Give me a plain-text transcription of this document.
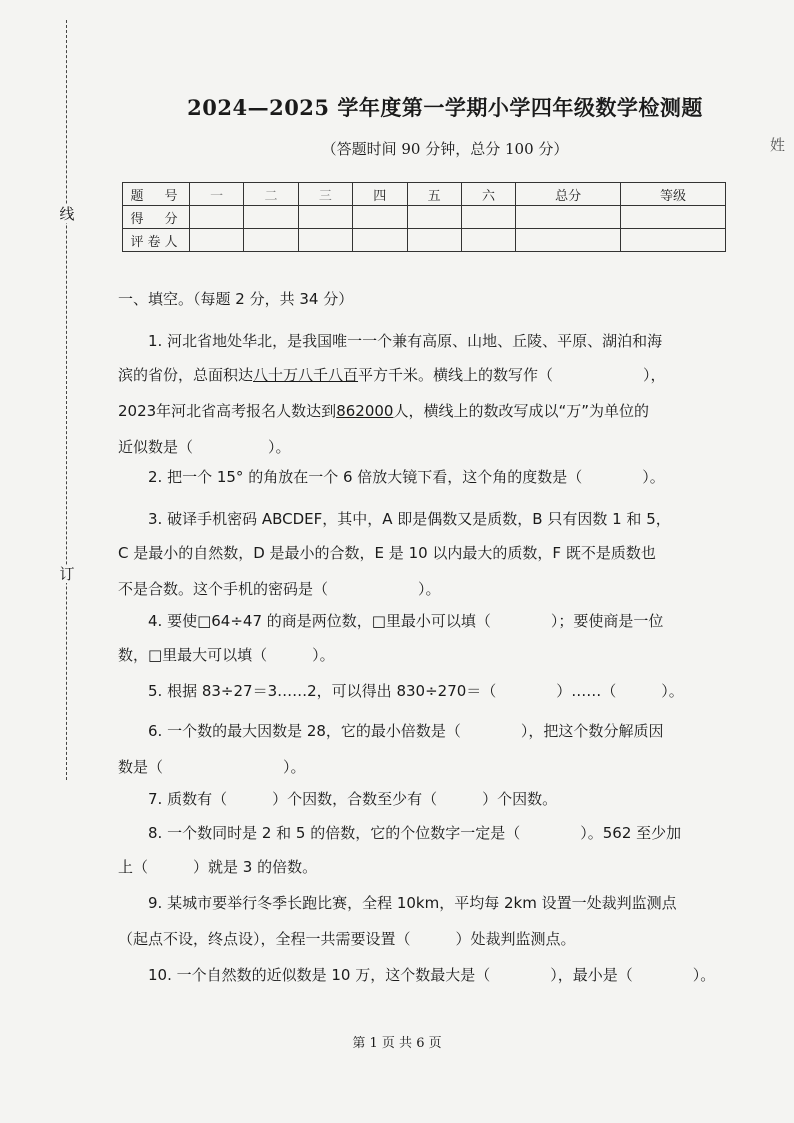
线
订
姓
2024—2025 学年度第一学期小学四年级数学检测题
（答题时间 90 分钟，总分 100 分）
题　号	一	二	三	四	五	六	总分	等级
得　分								
评卷人								
一、填空。（每题 2 分，共 34 分）
1. 河北省地处华北，是我国唯一一个兼有高原、山地、丘陵、平原、湖泊和海
滨的省份，总面积达八十万八千八百平方千米。横线上的数写作（　　　　　　），
2023年河北省高考报名人数达到862000人，横线上的数改写成以“万”为单位的
近似数是（　　　　　）。
2. 把一个 15° 的角放在一个 6 倍放大镜下看，这个角的度数是（　　　　）。
3. 破译手机密码 ABCDEF，其中，A 即是偶数又是质数，B 只有因数 1 和 5，
C 是最小的自然数，D 是最小的合数，E 是 10 以内最大的质数，F 既不是质数也
不是合数。这个手机的密码是（　　　　　　）。
4. 要使□64÷47 的商是两位数，□里最小可以填（　　　　）；要使商是一位
数，□里最大可以填（　　　）。
5. 根据 83÷27＝3……2，可以得出 830÷270＝（　　　　）……（　　　）。
6. 一个数的最大因数是 28，它的最小倍数是（　　　　），把这个数分解质因
数是（　　　　　　　　）。
7. 质数有（　　　）个因数，合数至少有（　　　）个因数。
8. 一个数同时是 2 和 5 的倍数，它的个位数字一定是（　　　　）。562 至少加
上（　　　）就是 3 的倍数。
9. 某城市要举行冬季长跑比赛，全程 10km，平均每 2km 设置一处裁判监测点
（起点不设，终点设），全程一共需要设置（　　　）处裁判监测点。
10. 一个自然数的近似数是 10 万，这个数最大是（　　　　），最小是（　　　　）。
第 1 页 共 6 页
